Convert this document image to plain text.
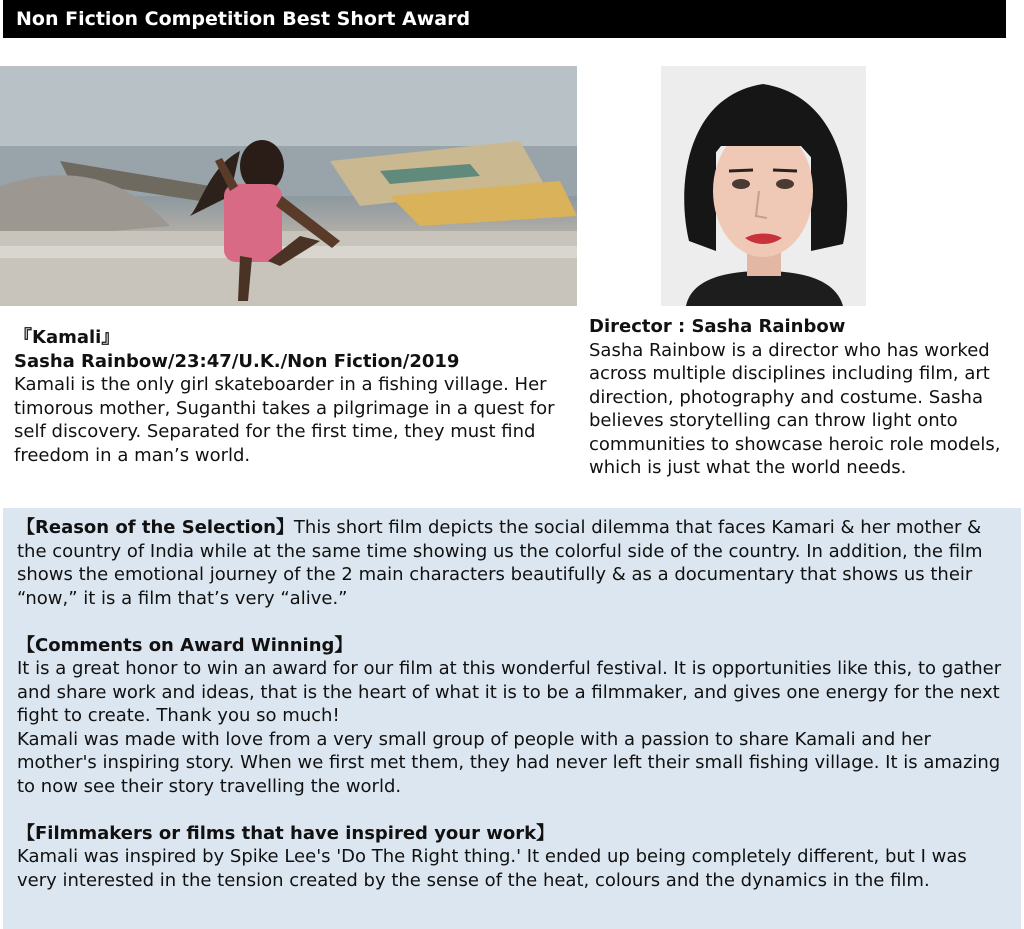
Non Fiction Competition Best Short Award
『Kamali』
Sasha Rainbow/23:47/U.K./Non Fiction/2019
Kamali is the only girl skateboarder in a fishing village. Her timorous mother, Suganthi takes a pilgrimage in a quest for self discovery. Separated for the first time, they must find freedom in a man’s world.
Director : Sasha Rainbow
Sasha Rainbow is a director who has worked across multiple disciplines including film, art direction, photography and costume. Sasha believes storytelling can throw light onto communities to showcase heroic role models, which is just what the world needs.

【Reason of the Selection】This short film depicts the social dilemma that faces Kamari & her mother & the country of India while at the same time showing us the colorful side of the country. In addition, the film shows the emotional journey of the 2 main characters beautifully & as a documentary that shows us their “now,” it is a film that’s very “alive.”

【Comments on Award Winning】

It is a great honor to win an award for our film at this wonderful festival. It is opportunities like this, to gather and share work and ideas, that is the heart of what it is to be a filmmaker, and gives one energy for the next fight to create. Thank you so much!

Kamali was made with love from a very small group of people with a passion to share Kamali and her mother's inspiring story. When we first met them, they had never left their small fishing village. It is amazing to now see their story travelling the world.

【Filmmakers or films that have inspired your work】

Kamali was inspired by Spike Lee's 'Do The Right thing.' It ended up being completely different, but I was very interested in the tension created by the sense of the heat, colours and the dynamics in the film.
